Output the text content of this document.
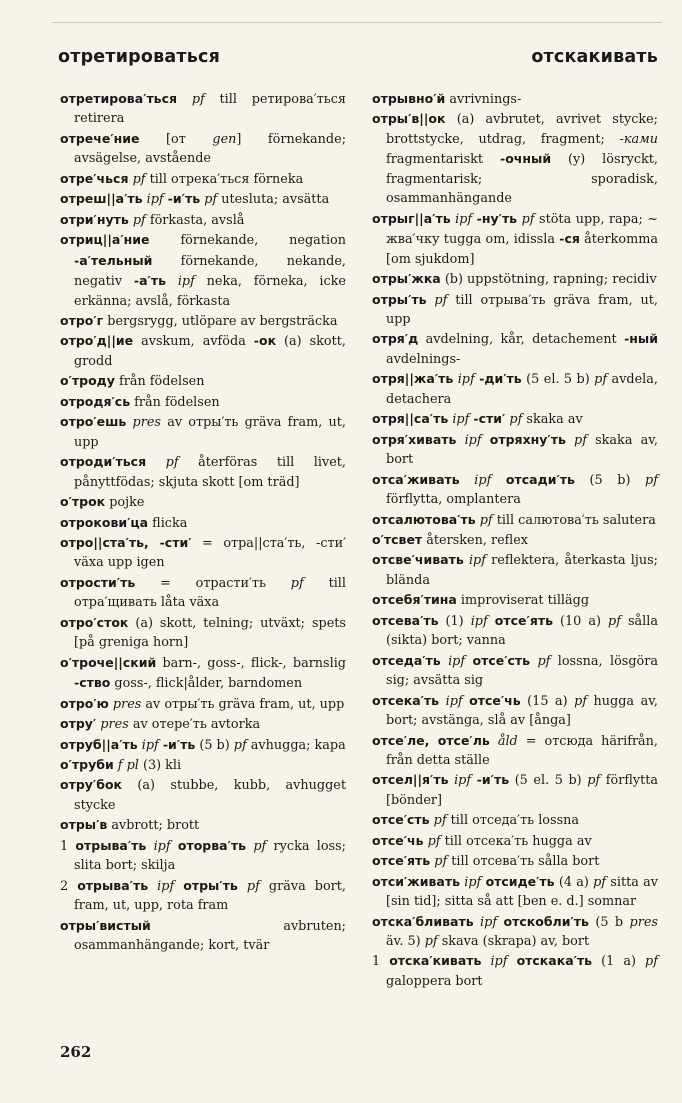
отретироваться	отскакивать

отретирова′ться pf till ретирова′ться retirera

отрече′ние [от gen] förnekande; avsägelse, avstående

отре′чься pf till отрека′ться förneka

отреш||а′ть ipf -и′ть pf utesluta; avsätta

отри′нуть pf förkasta, avslå

отриц||а′ние förnekande, negation -а′тельный förnekande, nekande, negativ -а′ть ipf neka, förneka, icke erkänna; avslå, förkasta

отро′г bergsrygg, utlöpare av bergsträcka

отро′д||ие avskum, avföda -ок (a) skott, grodd

о′троду från födelsen

отродя′сь från födelsen

отро′ешь pres av отры′ть gräva fram, ut, upp

отроди′ться pf återföras till livet, pånyttfödas; skjuta skott [om träd]

о′трок pojke

отрокови′ца flicka

отро||ста′ть, -сти′ = отра||ста′ть, -сти′ växa upp igen

отрости′ть = отрасти′ть pf till отра′щивать låta växa

отро′сток (a) skott, telning; utväxt; spets [på greniga horn]

о′троче||ский barn-, goss-, flick-, barnslig -ство goss-, flick|ålder, barndomen

отро′ю pres av отры′ть gräva fram, ut, upp

отру′ pres av отере′ть avtorka

отруб||а′ть ipf -и′ть (5 b) pf avhugga; kapa

о′труби f pl (3) kli

отру′бок (a) stubbe, kubb, avhugget stycke

отры′в avbrott; brott

1 отрыва′ть ipf оторва′ть pf rycka loss; slita bort; skilja

2 отрыва′ть ipf отры′ть pf gräva bort, fram, ut, upp, rota fram

отры′вистый avbruten; osammanhängande; kort, tvär

отрывно′й avrivnings-

отры′в||ок (a) avbrutet, avrivet stycke; brottstycke, utdrag, fragment; -ками fragmentariskt -очный (y) lösryckt, fragmentarisk; sporadisk, osammanhängande

отрыг||а′ть ipf -ну′ть pf stöta upp, rapa; ~ жва′чку tugga om, idissla -ся återkomma [om sjukdom]

отры′жка (b) uppstötning, rapning; recidiv

отры′ть pf till отрыва′ть gräva fram, ut, upp

отря′д avdelning, kår, detachement -ный avdelnings-

отря||жа′ть ipf -ди′ть (5 el. 5 b) pf avdela, detachera

отря||са′ть ipf -сти′ pf skaka av

отря′хивать ipf отряхну′ть pf skaka av, bort

отса′живать ipf отсади′ть (5 b) pf förflytta, omplantera

отсалютова′ть pf till салютова′ть salutera

о′тсвет återsken, reflex

отсве′чивать ipf reflektera, återkasta ljus; blända

отсебя′тина improviserat tillägg

отсева′ть (1) ipf отсе′ять (10 a) pf sålla (sikta) bort; vanna

отседа′ть ipf отсе′сть pf lossna, lösgöra sig; avsätta sig

отсека′ть ipf отсе′чь (15 a) pf hugga av, bort; avstänga, slå av [ånga]

отсе′ле, отсе′ль åld = отсюда härifrån, från detta ställe

отсел||я′ть ipf -и′ть (5 el. 5 b) pf förflytta [bönder]

отсе′сть pf till отседа′ть lossna

отсе′чь pf till отсека′ть hugga av

отсе′ять pf till отсева′ть sålla bort

отси′живать ipf отсиде′ть (4 a) pf sitta av [sin tid]; sitta så att [ben e. d.] somnar

отска′бливать ipf отскобли′ть (5 b pres äv. 5) pf skava (skrapa) av, bort

1 отска′кивать ipf отскака′ть (1 a) pf galoppera bort

262
